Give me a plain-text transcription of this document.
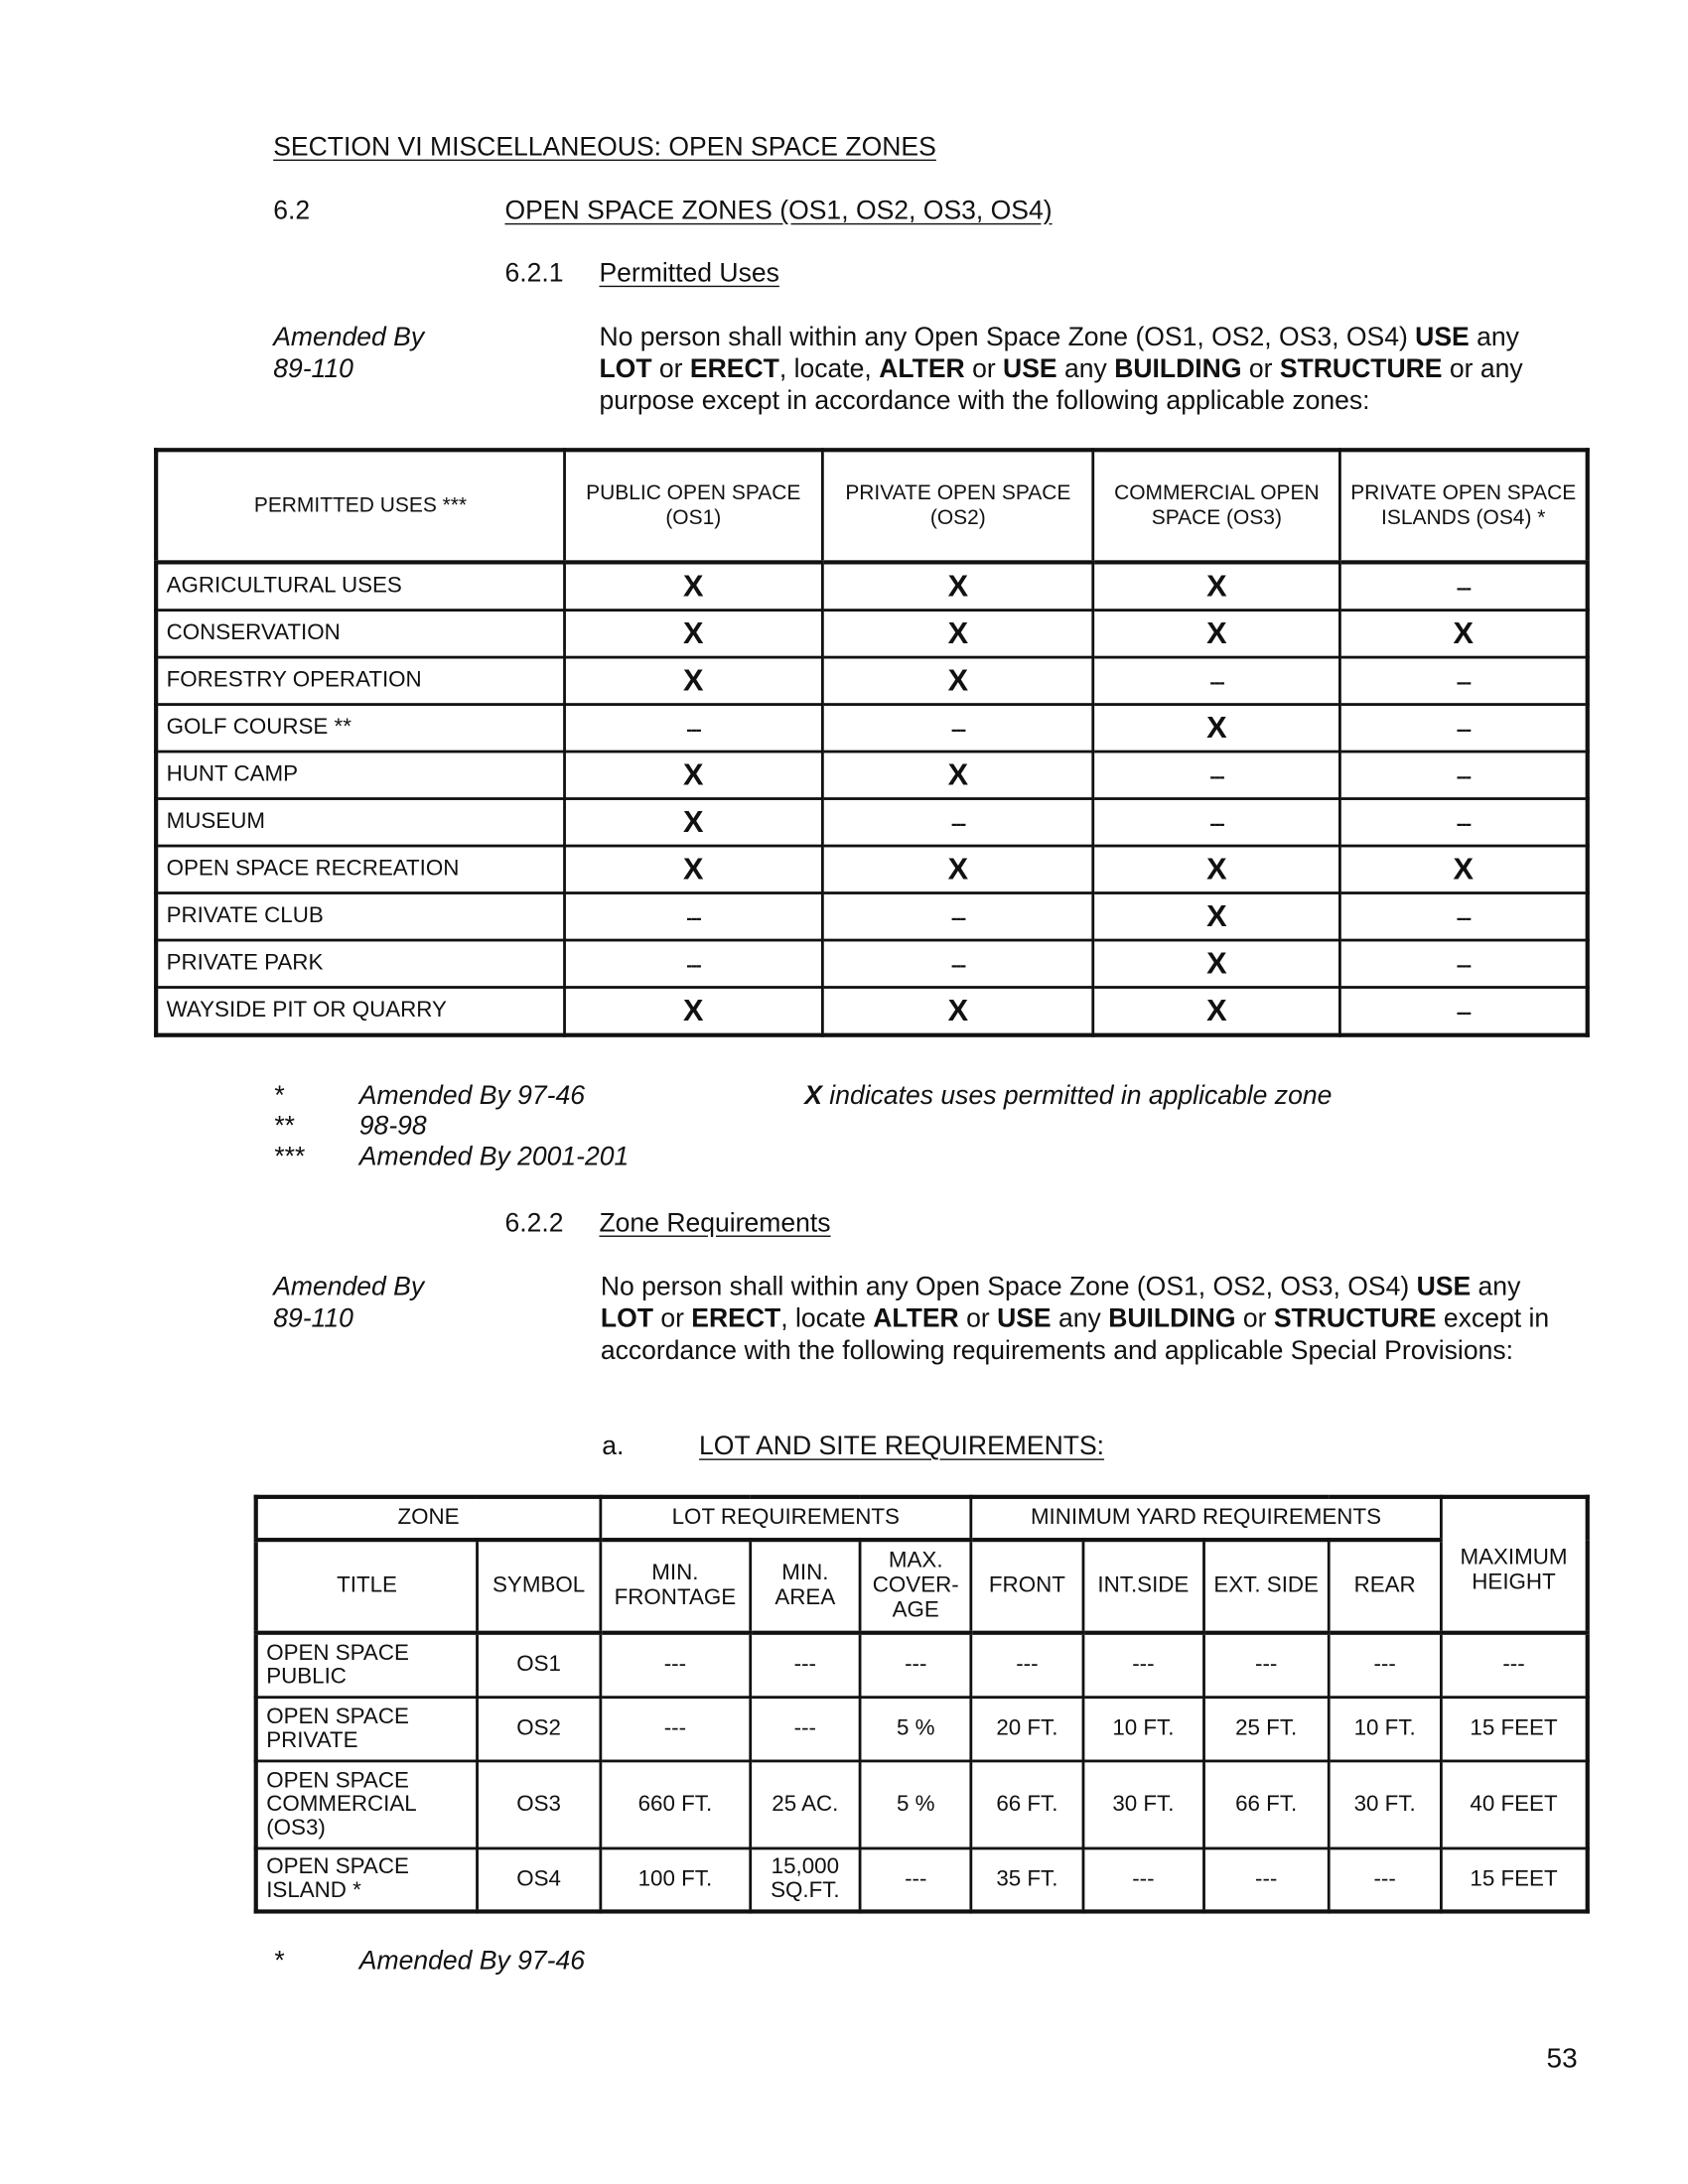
SECTION VI MISCELLANEOUS: OPEN SPACE ZONES
6.2	OPEN SPACE ZONES (OS1, OS2, OS3, OS4)
6.2.1 Permitted Uses
Amended By
89-110
No person shall within any Open Space Zone (OS1, OS2, OS3, OS4) USE any LOT or ERECT, locate, ALTER or USE any BUILDING or STRUCTURE or any purpose except in accordance with the following applicable zones:
PERMITTED USES ***	PUBLIC OPEN SPACE (OS1)	PRIVATE OPEN SPACE (OS2)	COMMERCIAL OPEN SPACE (OS3)	PRIVATE OPEN SPACE ISLANDS (OS4) *
AGRICULTURAL USES	X	X	X	---
CONSERVATION	X	X	X	X
FORESTRY OPERATION	X	X	---	---
GOLF COURSE **	---	---	X	---
HUNT CAMP	X	X	---	---
MUSEUM	X	---	---	---
OPEN SPACE RECREATION	X	X	X	X
PRIVATE CLUB	---	---	X	---
PRIVATE PARK	---	---	X	---
WAYSIDE PIT OR QUARRY	X	X	X	---
*	Amended By 97-46
**	98-98
***	Amended By 2001-201
X indicates uses permitted in applicable zone
6.2.2 Zone Requirements
Amended By
89-110
No person shall within any Open Space Zone (OS1, OS2, OS3, OS4) USE any LOT or ERECT, locate ALTER or USE any BUILDING or STRUCTURE except in accordance with the following requirements and applicable Special Provisions:
a.	LOT AND SITE REQUIREMENTS:
ZONE		LOT REQUIREMENTS			MINIMUM YARD REQUIREMENTS				MAXIMUM HEIGHT
TITLE	SYMBOL	MIN. FRONTAGE	MIN. AREA	MAX. COVER-AGE	FRONT	INT.SIDE	EXT. SIDE	REAR	
OPEN SPACE PUBLIC	OS1	---	---	---	---	---	---	---	---
OPEN SPACE PRIVATE	OS2	---	---	5 %	20 FT.	10 FT.	25 FT.	10 FT.	15 FEET
OPEN SPACE COMMERCIAL (OS3)	OS3	660 FT.	25 AC.	5 %	66 FT.	30 FT.	66 FT.	30 FT.	40 FEET
OPEN SPACE ISLAND *	OS4	100 FT.	15,000 SQ.FT.	---	35 FT.	---	---	---	15 FEET
*	Amended By 97-46
53
